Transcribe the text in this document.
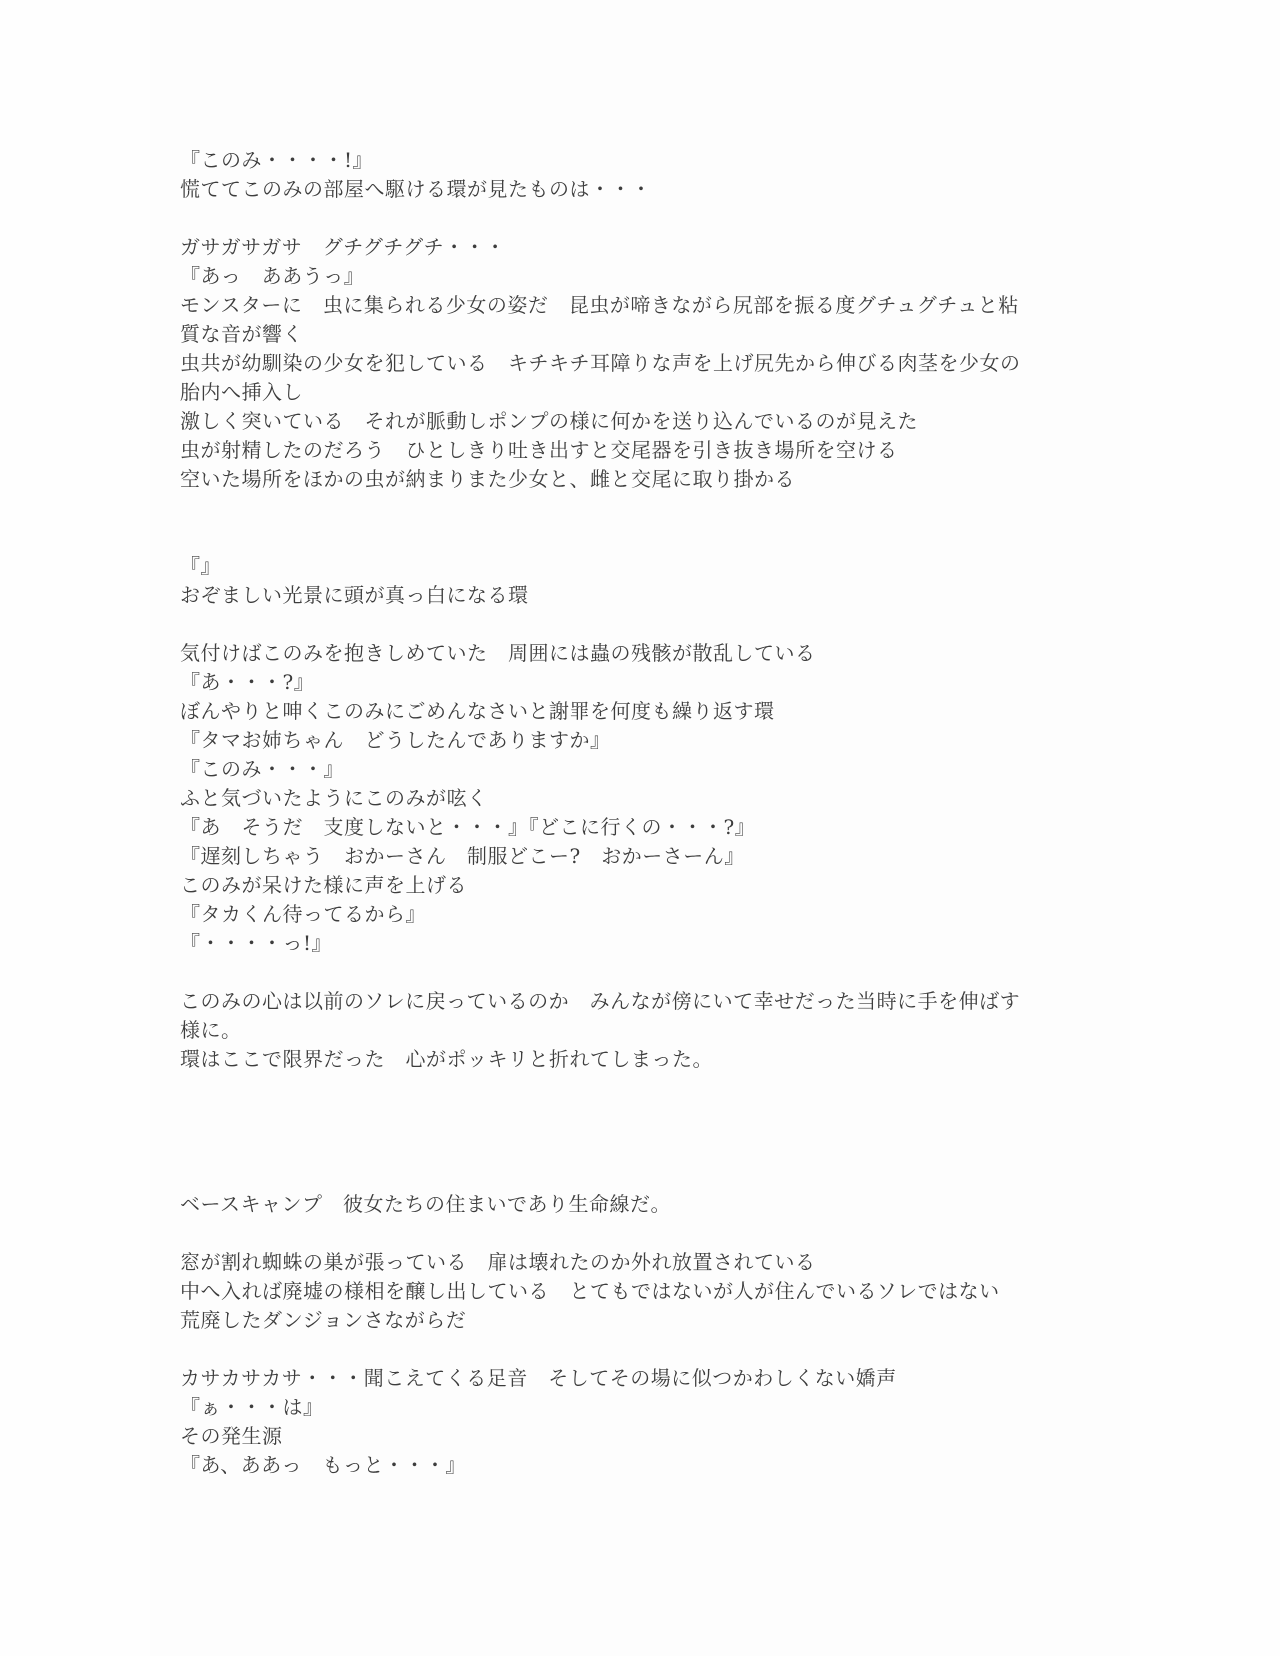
『このみ・・・・!』
慌ててこのみの部屋へ駆ける環が見たものは・・・
ガサガサガサ　グチグチグチ・・・
『あっ　ああうっ』
モンスターに　虫に集られる少女の姿だ　昆虫が啼きながら尻部を振る度グチュグチュと粘
質な音が響く
虫共が幼馴染の少女を犯している　キチキチ耳障りな声を上げ尻先から伸びる肉茎を少女の
胎内へ挿入し
激しく突いている　それが脈動しポンプの様に何かを送り込んでいるのが見えた
虫が射精したのだろう　ひとしきり吐き出すと交尾器を引き抜き場所を空ける
空いた場所をほかの虫が納まりまた少女と、雌と交尾に取り掛かる
『』
おぞましい光景に頭が真っ白になる環
気付けばこのみを抱きしめていた　周囲には蟲の残骸が散乱している
『あ・・・?』
ぼんやりと呻くこのみにごめんなさいと謝罪を何度も繰り返す環
『タマお姉ちゃん　どうしたんでありますか』
『このみ・・・』
ふと気づいたようにこのみが呟く
『あ　そうだ　支度しないと・・・』『どこに行くの・・・?』
『遅刻しちゃう　おかーさん　制服どこー?　おかーさーん』
このみが呆けた様に声を上げる
『タカくん待ってるから』
『・・・・っ!』
このみの心は以前のソレに戻っているのか　みんなが傍にいて幸せだった当時に手を伸ばす
様に。
環はここで限界だった　心がポッキリと折れてしまった。
ベースキャンプ　彼女たちの住まいであり生命線だ。
窓が割れ蜘蛛の巣が張っている　扉は壊れたのか外れ放置されている
中へ入れば廃墟の様相を醸し出している　とてもではないが人が住んでいるソレではない
荒廃したダンジョンさながらだ
カサカサカサ・・・聞こえてくる足音　そしてその場に似つかわしくない嬌声
『ぁ・・・は』
その発生源
『あ、ああっ　もっと・・・』
